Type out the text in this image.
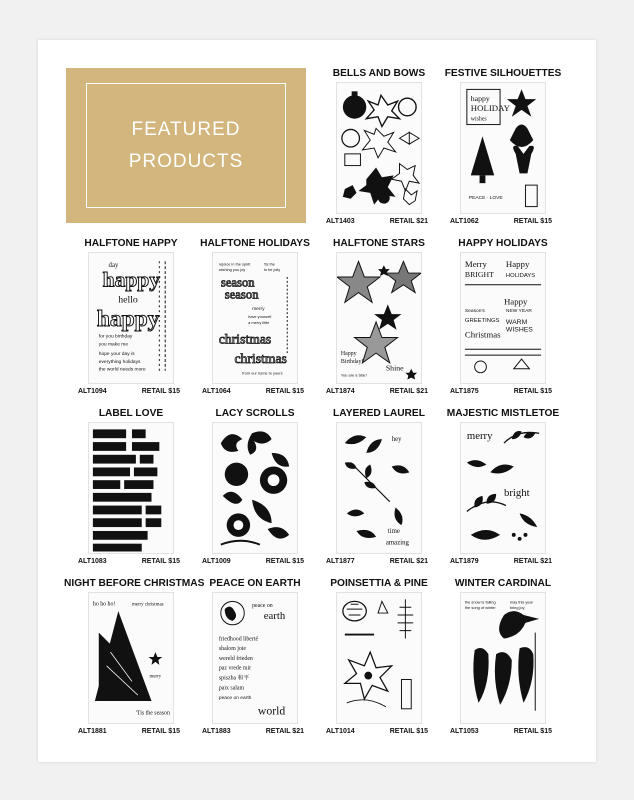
FEATURED
PRODUCTS
BELLS AND BOWS
ALT1403	RETAIL $21
FESTIVE SILHOUETTES
happy
HOLIDAY
wishes
PEACE · LOVE
ALT1062	RETAIL $15
HALFTONE HAPPY
day
happy
hello
happy
for you birthday
you make me
hope your day is
everything holidays
the world needs more
ALT1094	RETAIL $15
HALFTONE HOLIDAYS
rejoice in the spirit
wishing you joy
'tis the
to be jolly
season
season
merry
have yourself
a merry little
christmas
christmas
from our home to yours
ALT1064	RETAIL $15
HALFTONE STARS
Happy
Birthday!
Shine
You are a Star!
ALT1874	RETAIL $21
HAPPY HOLIDAYS
Merry
BRIGHT
Happy
HOLIDAYS
Happy
NEW YEAR
Season's
GREETINGS WARM
WISHES
Christmas
ALT1875	RETAIL $15
LABEL LOVE
ALT1083	RETAIL $15
LACY SCROLLS
ALT1009	RETAIL $15
LAYERED LAUREL
hey
time
amazing
ALT1877	RETAIL $21
MAJESTIC MISTLETOE
merry
bright
ALT1879	RETAIL $21
NIGHT BEFORE CHRISTMAS
ho ho ho!	merry christmas
merry
'Tis the season
ALT1881	RETAIL $15
PEACE ON EARTH
peace on
earth
friedhood liberté
shalom joie
wereld frieden
paz vrede mir
spiszba 和平
paix salam
peace on earth
world
ALT1883	RETAIL $21
POINSETTIA & PINE
ALT1014	RETAIL $15
WINTER CARDINAL
the snow is falling
the song of winter
may this year
bring joy
ALT1053	RETAIL $15
